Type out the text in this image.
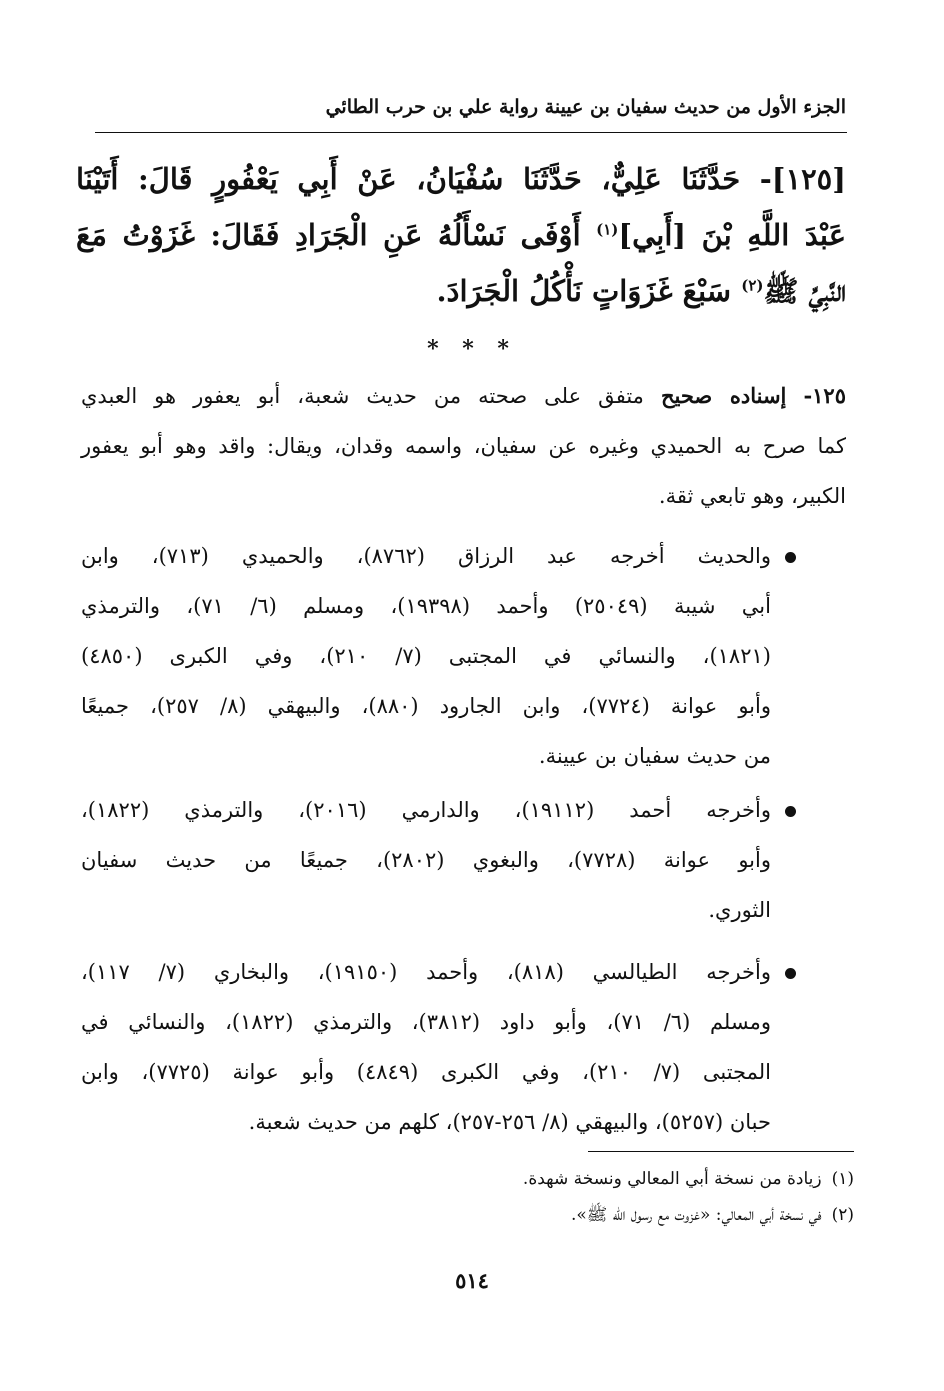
الجزء الأول من حديث سفيان بن عيينة رواية علي بن حرب الطائي
[١٢٥]- حَدَّثَنَا عَلِيٌّ، حَدَّثَنَا سُفْيَانُ، عَنْ أَبِي يَعْفُورٍ قَالَ: أَتَيْنَا
عَبْدَ اللَّهِ بْنَ [أَبِي]$^{(١)}$ أَوْفَى نَسْأَلُهُ عَنِ الْجَرَادِ فَقَالَ: غَزَوْتُ مَعَ
النَّبِيِّ ﷺ$^{(٢)}$ سَبْعَ غَزَوَاتٍ نَأْكُلُ الْجَرَادَ.
* * *
١٢٥- إسناده صحيح متفق على صحته من حديث شعبة، أبو يعفور هو العبدي
كما صرح به الحميدي وغيره عن سفيان، واسمه وقدان، ويقال: واقد وهو أبو يعفور
الكبير، وهو تابعي ثقة.
والحديث أخرجه عبد الرزاق (٨٧٦٢)، والحميدي (٧١٣)، وابن
أبي شيبة (٢٥٠٤٩) وأحمد (١٩٣٩٨)، ومسلم (٦/ ٧١)، والترمذي
(١٨٢١)، والنسائي في المجتبى (٧/ ٢١٠)، وفي الكبرى (٤٨٥٠)
وأبو عوانة (٧٧٢٤)، وابن الجارود (٨٨٠)، والبيهقي (٨/ ٢٥٧)، جميعًا
من حديث سفيان بن عيينة.
وأخرجه أحمد (١٩١١٢)، والدارمي (٢٠١٦)، والترمذي (١٨٢٢)،
وأبو عوانة (٧٧٢٨)، والبغوي (٢٨٠٢)، جميعًا من حديث سفيان
الثوري.
وأخرجه الطيالسي (٨١٨)، وأحمد (١٩١٥٠)، والبخاري (٧/ ١١٧)،
ومسلم (٦/ ٧١)، وأبو داود (٣٨١٢)، والترمذي (١٨٢٢)، والنسائي في
المجتبى (٧/ ٢١٠)، وفي الكبرى (٤٨٤٩) وأبو عوانة (٧٧٢٥)، وابن
حبان (٥٢٥٧)، والبيهقي (٨/ ٢٥٦-٢٥٧)، كلهم من حديث شعبة.
(١)زيادة من نسخة أبي المعالي ونسخة شهدة.
(٢)في نسخة أبي المعالي: «غزوت مع رسول الله ﷺ».
٥١٤
